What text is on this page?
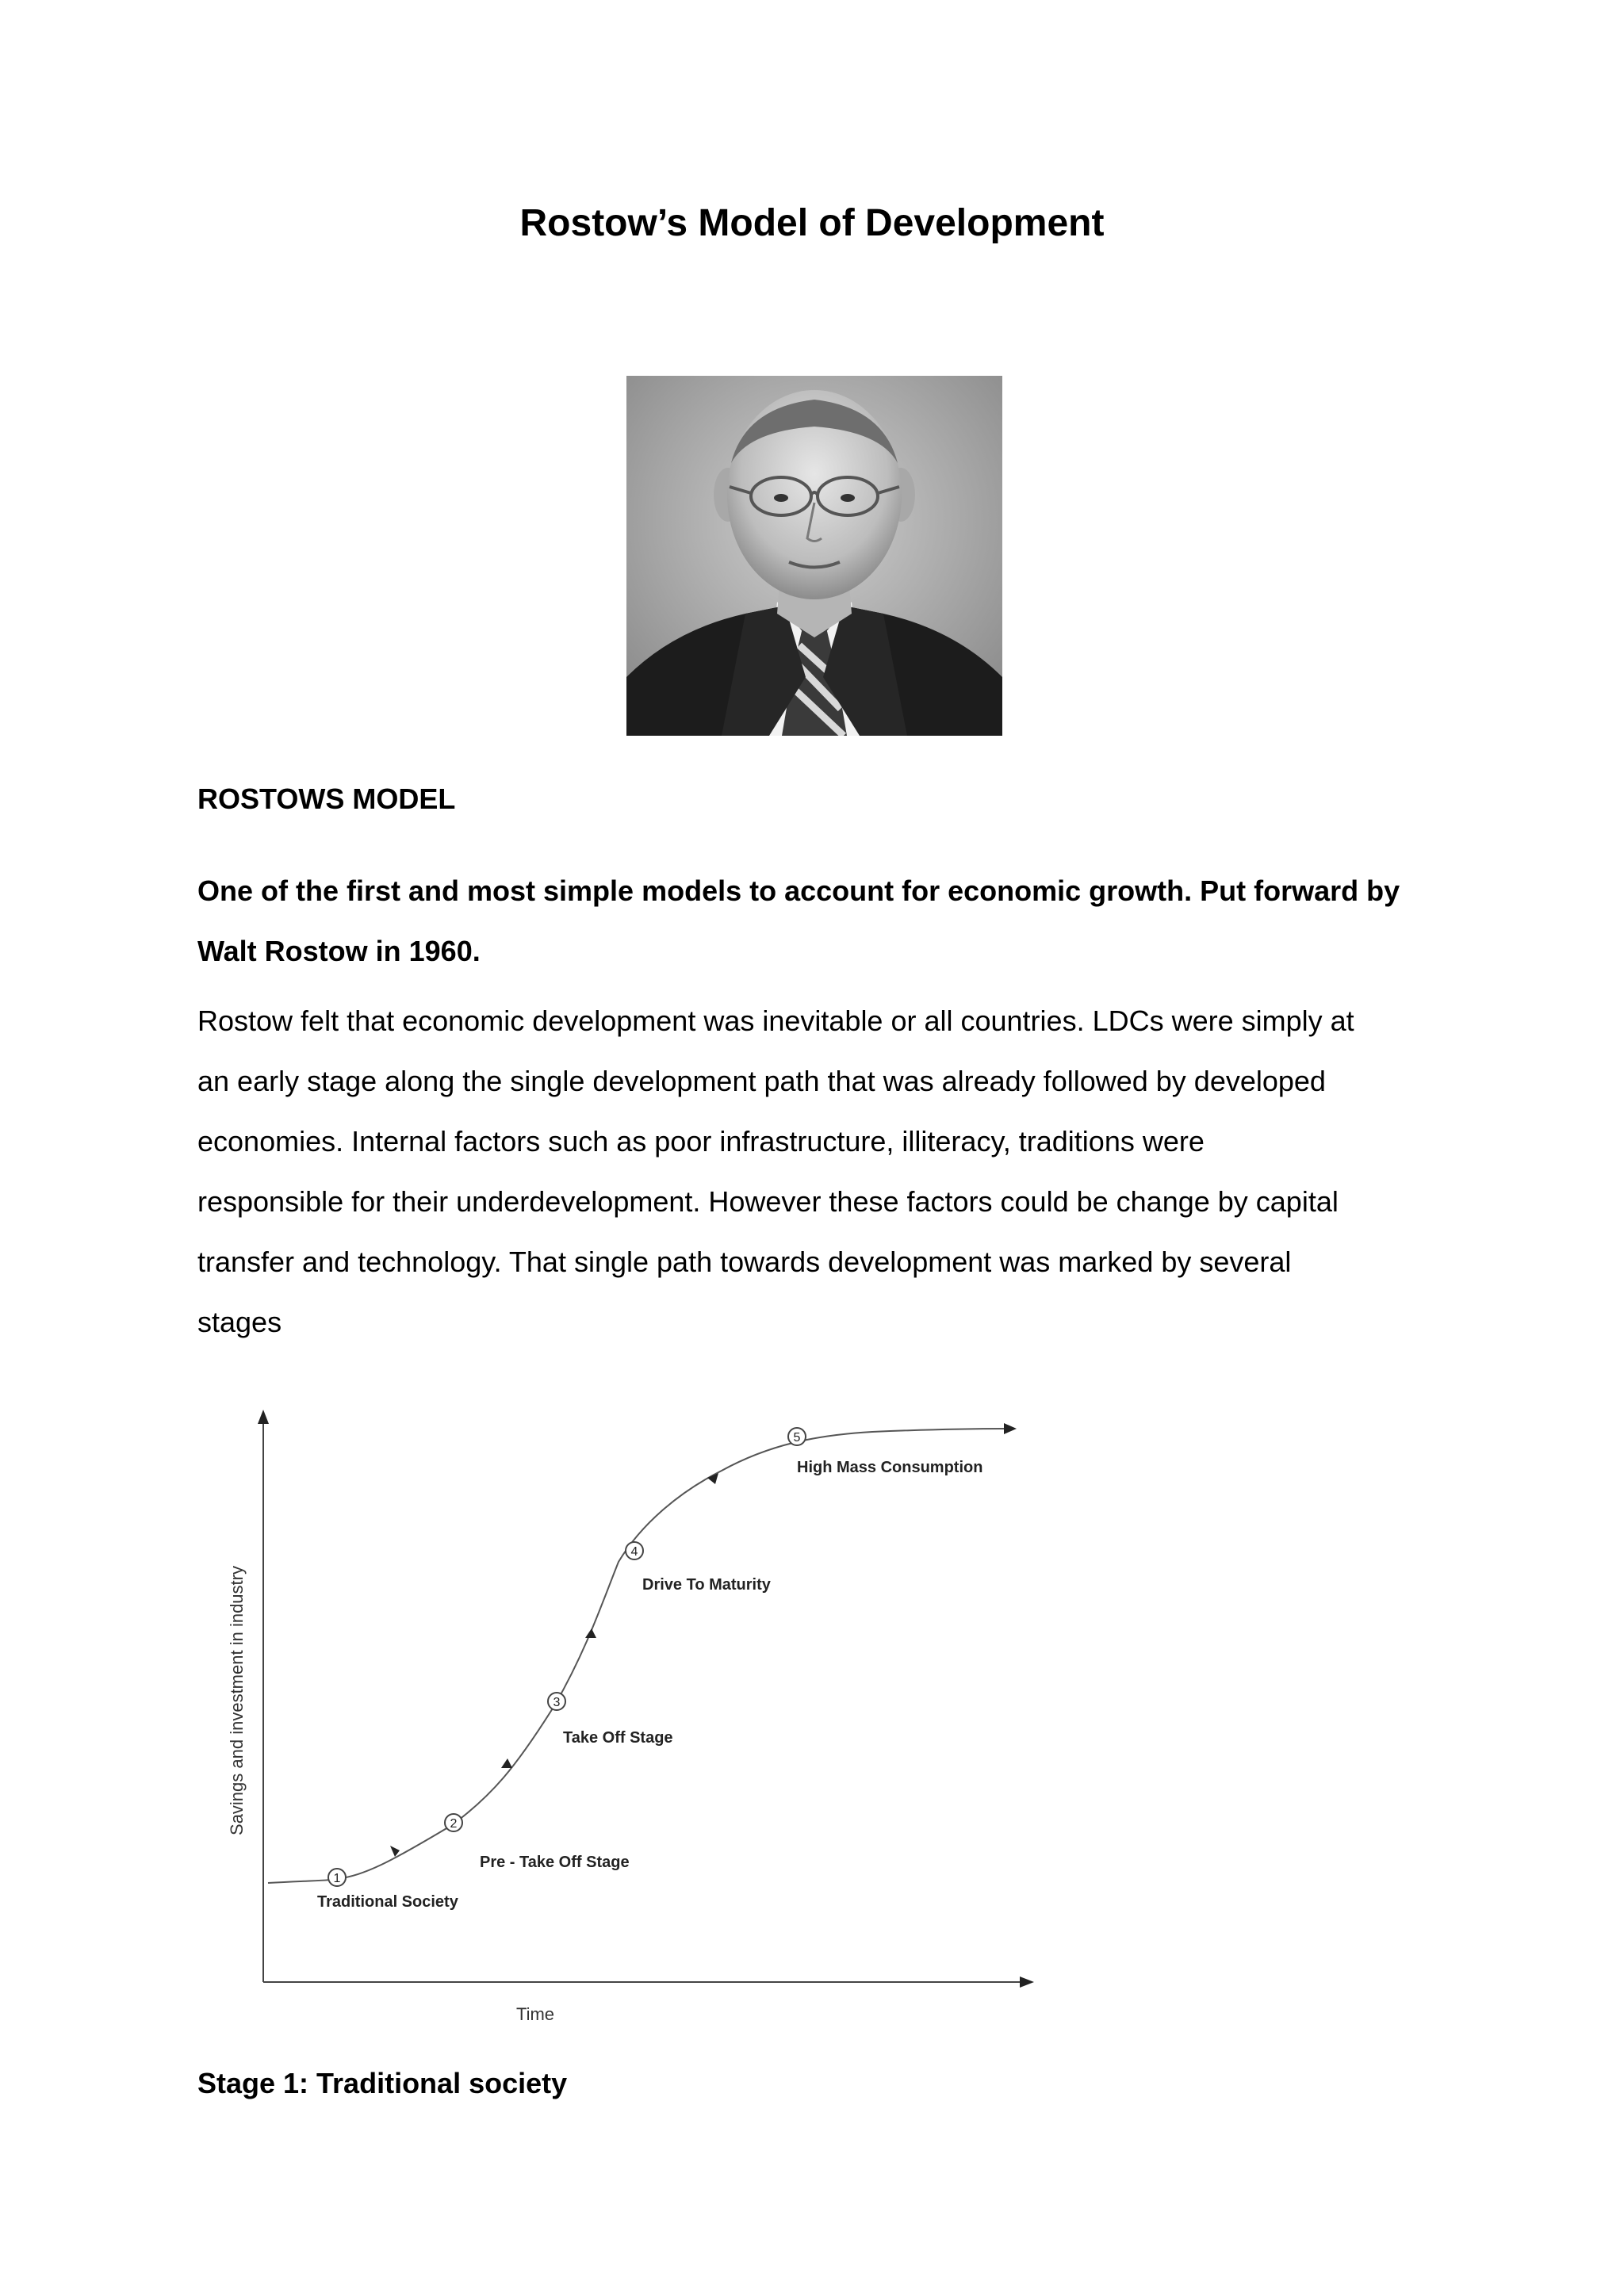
Rostow’s Model of Development
ROSTOWS MODEL

One of the first and most simple models to account for economic growth. Put forward by
Walt Rostow in 1960.

Rostow felt that economic development was inevitable or all countries. LDCs were simply at
an early stage along the single development path that was already followed by developed
economies. Internal factors such as poor infrastructure, illiteracy, traditions were
responsible for their underdevelopment. However these factors could be change by capital
transfer and technology. That single path towards development was marked by several
stages

Savings and investment in industry
Time
1
Traditional Society
2
Pre - Take Off Stage
3
Take Off Stage
4
Drive To Maturity
5
High Mass Consumption
Stage 1: Traditional society
